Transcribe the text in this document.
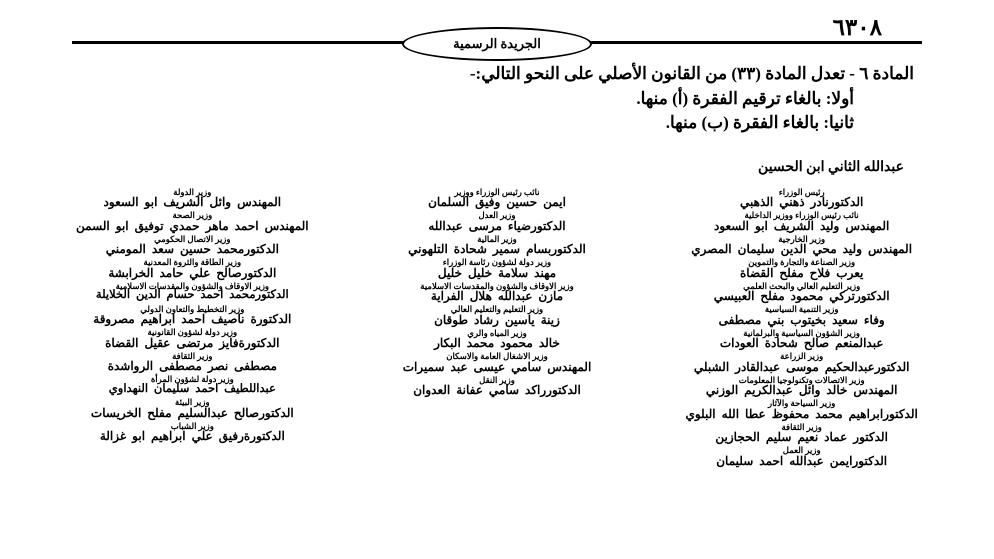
٦٣٠٨
الجريدة الرسمية
المادة ٦ - تعدل المادة (٣٣) من القانون الأصلي على النحو التالي:-
أولا: بالغاء ترقيم الفقرة (أ) منها.
ثانيا: بالغاء الفقرة (ب) منها.
عبدالله الثاني ابن الحسين
رئيس الوزراء
الدكتورنادر ذهني الذهبي
نائب رئيس الوزراء ووزير الداخلية
المهندس وليد الشريف ابو السعود
وزير الخارجية
المهندس وليد محي الدين سليمان المصري
وزير الصناعة والتجارة والتموين
يعرب فلاح مفلح القضاة
وزير التعليم العالي والبحث العلمي
الدكتورتركي محمود مفلح العبيسي
وزير التنمية السياسية
وفاء سعيد بخيتوب بني مصطفى
وزير الشؤون السياسية والبرلمانية
عبدالمنعم صالح شحادة العودات
وزير الزراعة
الدكتورعبدالحكيم موسى عبدالقادر الشبلي
وزير الاتصالات وتكنولوجيا المعلومات
المهندس خالد وائل عبدالكريم الوزني
وزير السياحة والآثار
الدكتورابراهيم محمد محفوظ عطا الله البلوي
وزير الثقافة
الدكتور عماد نعيم سليم الحجازين
وزير العمل
الدكتورايمن عبدالله احمد سليمان
نائب رئيس الوزراء ووزير
ايمن حسين وفيق السلمان
وزير العدل
الدكتورضياء مرسى عبدالله
وزير المالية
الدكتوربسام سمير شحادة التلهوني
وزير دولة لشؤون رئاسة الوزراء
مهند سلامة خليل خليل
وزير الاوقاف والشؤون والمقدسات الاسلامية
مازن عبدالله هلال الفراية
وزير التعليم والتعليم العالي
زينة ياسين رشاد طوقان
وزير المياه والري
خالد محمود محمد البكار
وزير الاشغال العامة والاسكان
المهندس سامي عيسى عبد سميرات
وزير النقل
الدكتورراكد سامي عفانة العدوان
وزير الدولة
المهندس وائل الشريف ابو السعود
وزير الصحة
المهندس احمد ماهر حمدي توفيق ابو السمن
وزير الاتصال الحكومي
الدكتورمحمد حسين سعد المومني
وزير الطاقة والثروة المعدنية
الدكتورصالح علي حامد الخرابشة
وزير الاوقاف والشؤون والمقدسات الاسلامية
الدكتورمحمد احمد حسام الدين الخلايلة
وزير التخطيط والتعاون الدولي
الدكتورة ناصيف احمد ابراهيم مصروقة
وزير دولة لشؤون القانونية
الدكتورةفايز مرتضى عقيل القضاة
وزير الثقافة
مصطفى نصر مصطفى الرواشدة
وزير دولة لشؤون المرأة
عبداللطيف احمد سليمان النهداوي
وزير البيئة
الدكتورصالح عبدالسليم مفلح الخريسات
وزير الشباب
الدكتورةرفيق علي ابراهيم ابو غزالة
